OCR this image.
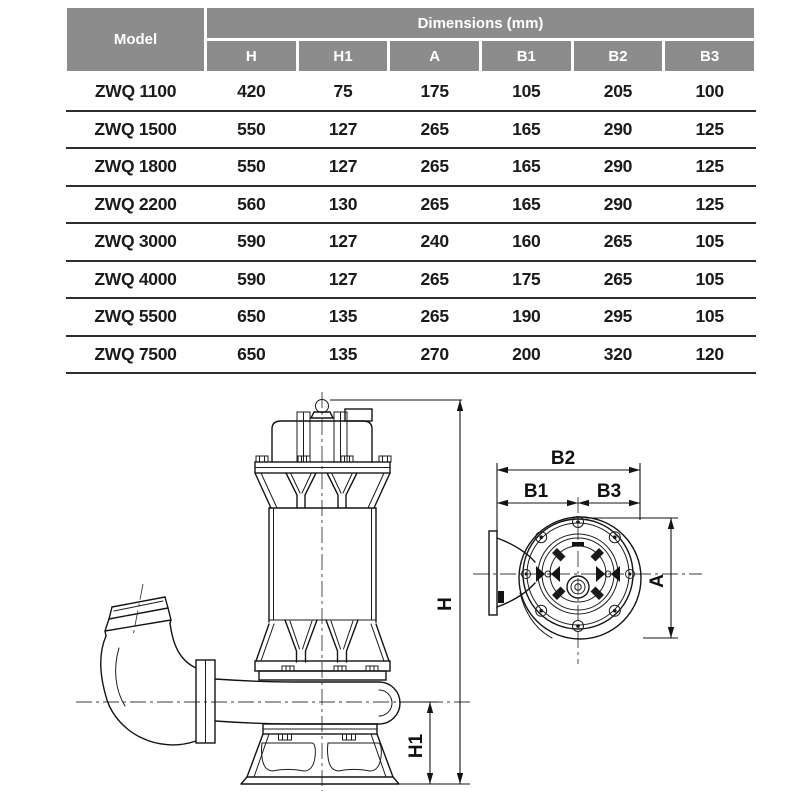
Model	Dimensions (mm)					
	H	H1	A	B1	B2	B3
ZWQ 1100	420	75	175	105	205	100
ZWQ 1500	550	127	265	165	290	125
ZWQ 1800	550	127	265	165	290	125
ZWQ 2200	560	130	265	165	290	125
ZWQ 3000	590	127	240	160	265	105
ZWQ 4000	590	127	265	175	265	105
ZWQ 5500	650	135	265	190	295	105
ZWQ 7500	650	135	270	200	320	120
H
H1
B2
B1	B3
A
